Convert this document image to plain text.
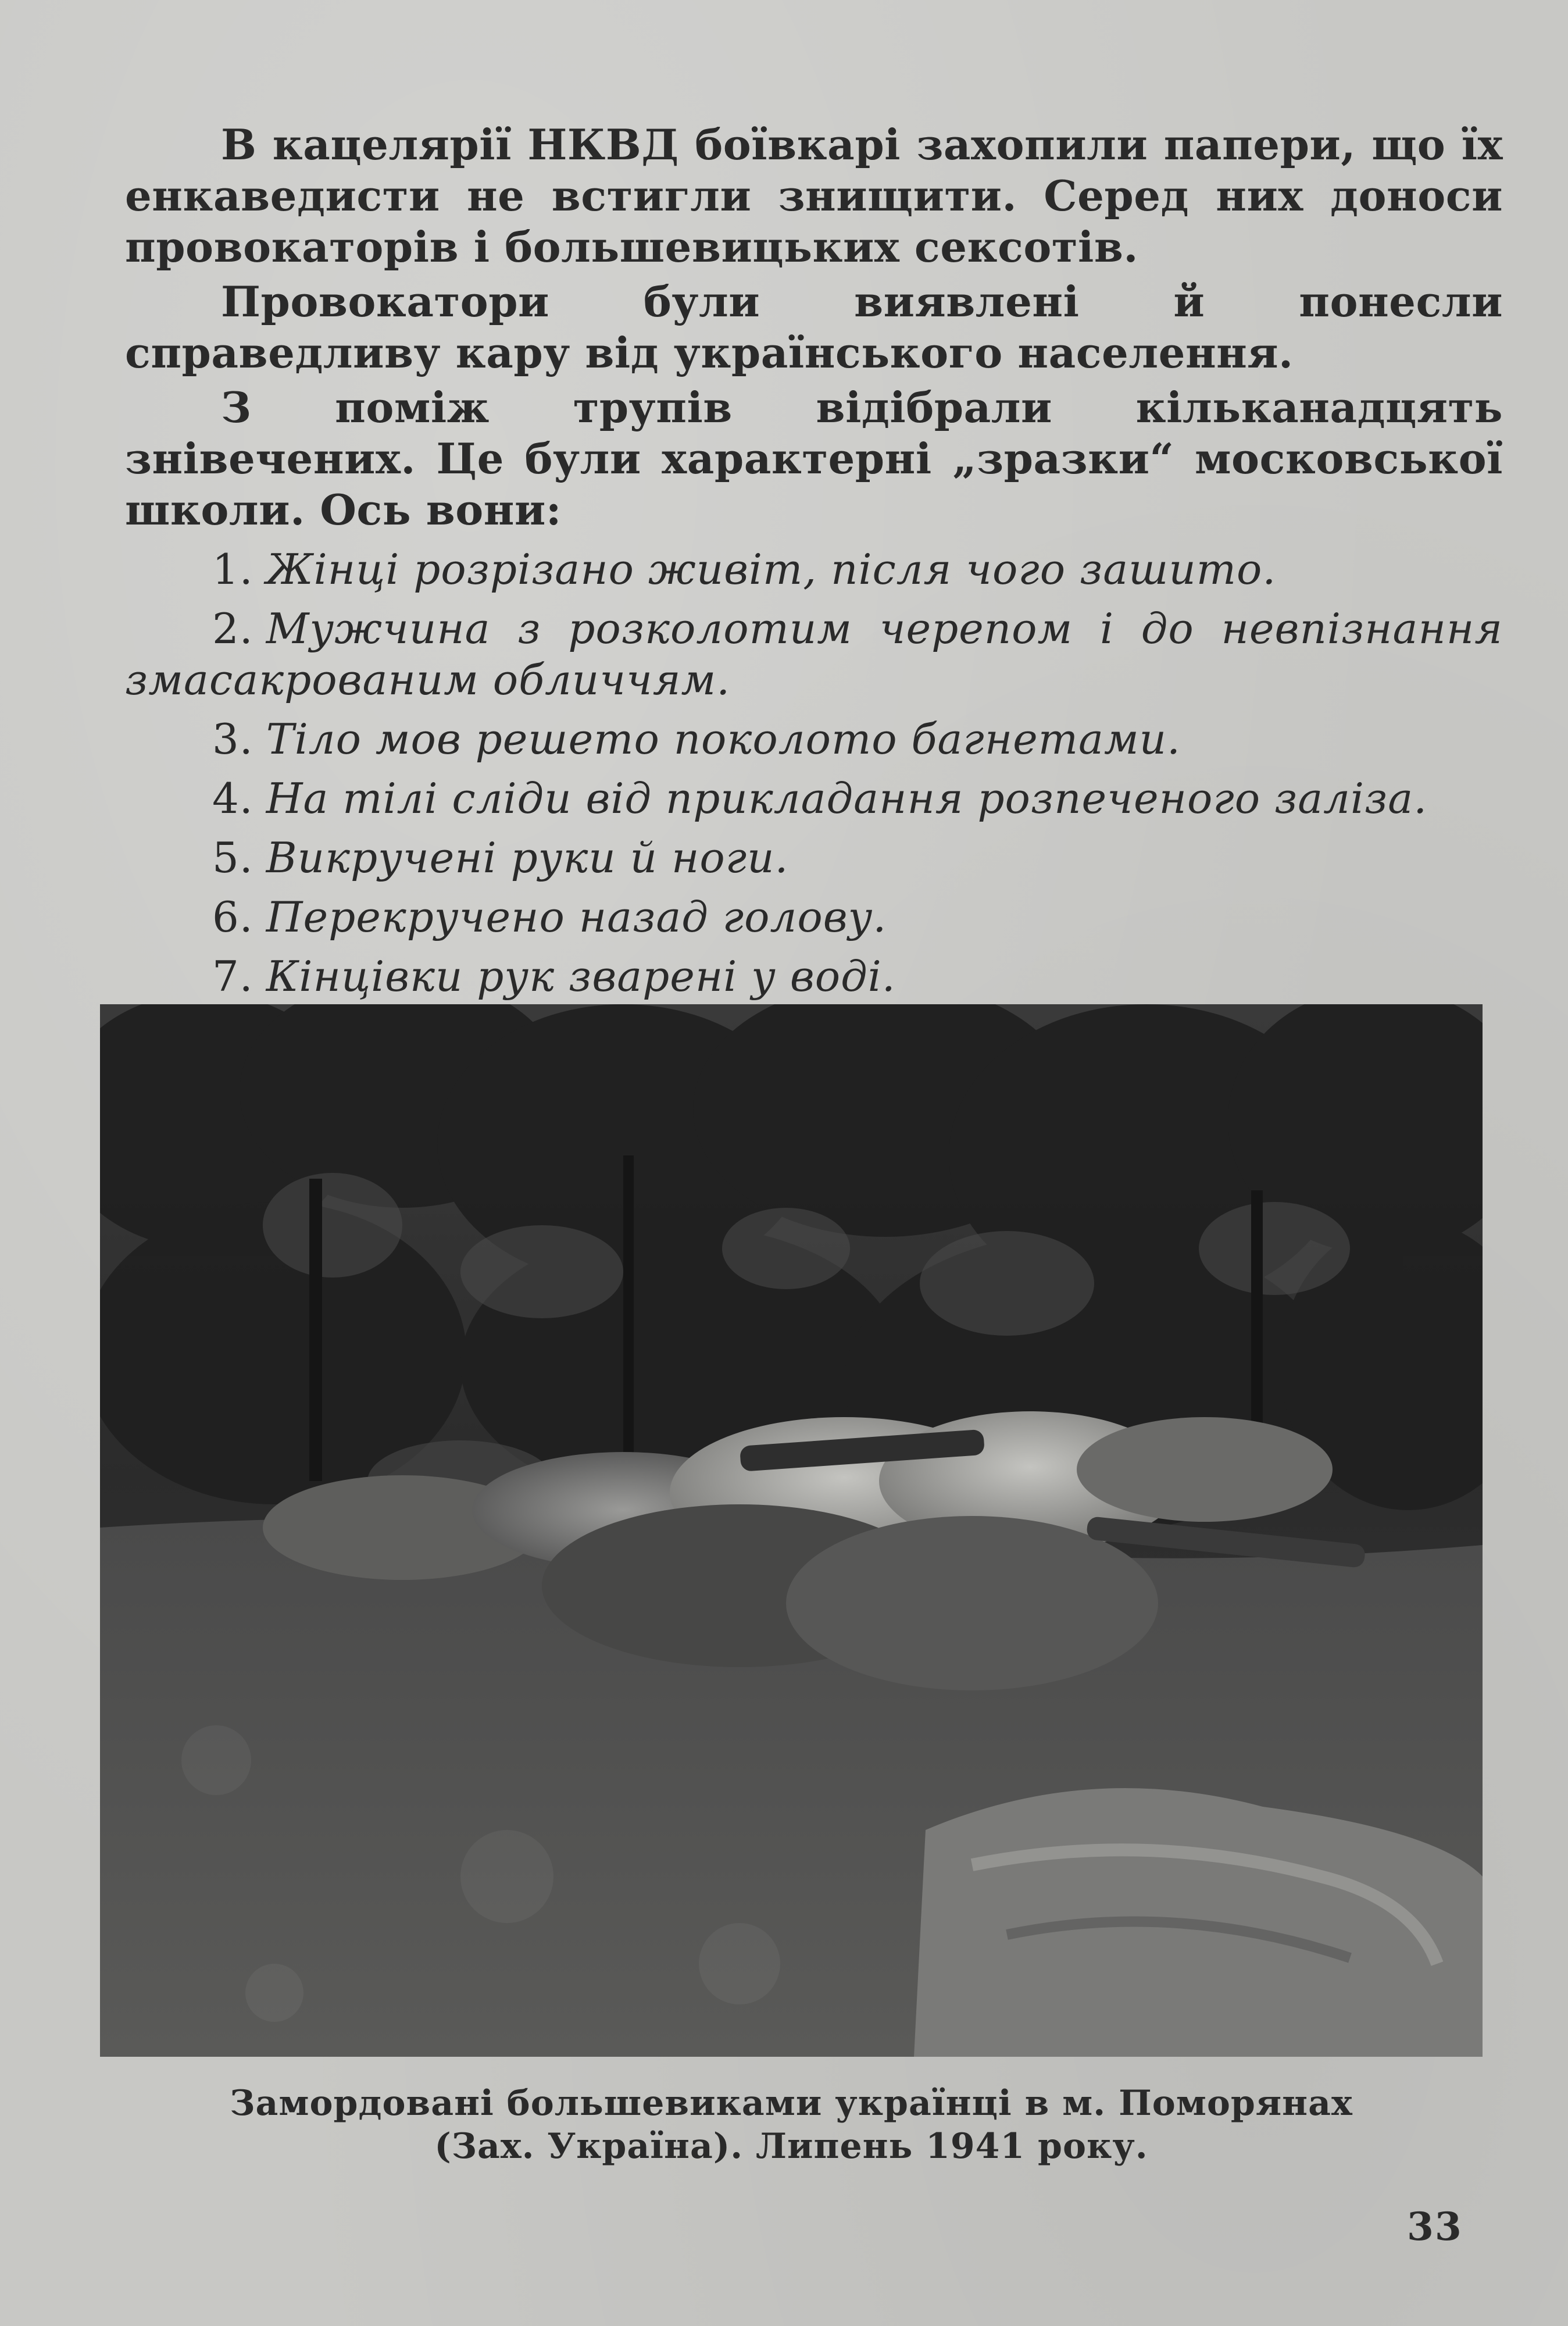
В кацелярії НКВД боївкарі захопили папери, що їх енкаведисти не встигли знищити. Серед них доноси провокаторів і большевицьких сексотів.

Провокатори були виявлені й понесли справедливу кару від українського населення.

З поміж трупів відібрали кільканадцять знівечених. Це були характерні „зразки“ московської школи. Ось вони:

1. Жінці розрізано живіт, після чого зашито.
2. Мужчина з розколотим черепом і до невпізнання змасакрованим обличчям.
3. Тіло мов решето поколото багнетами.
4. На тілі сліди від прикладання розпеченого заліза.
5. Викручені руки й ноги.
6. Перекручено назад голову.
7. Кінцівки рук зварені у воді.
Замордовані большевиками українці в м. Поморянах
(Зах. Україна). Липень 1941 року.
33
